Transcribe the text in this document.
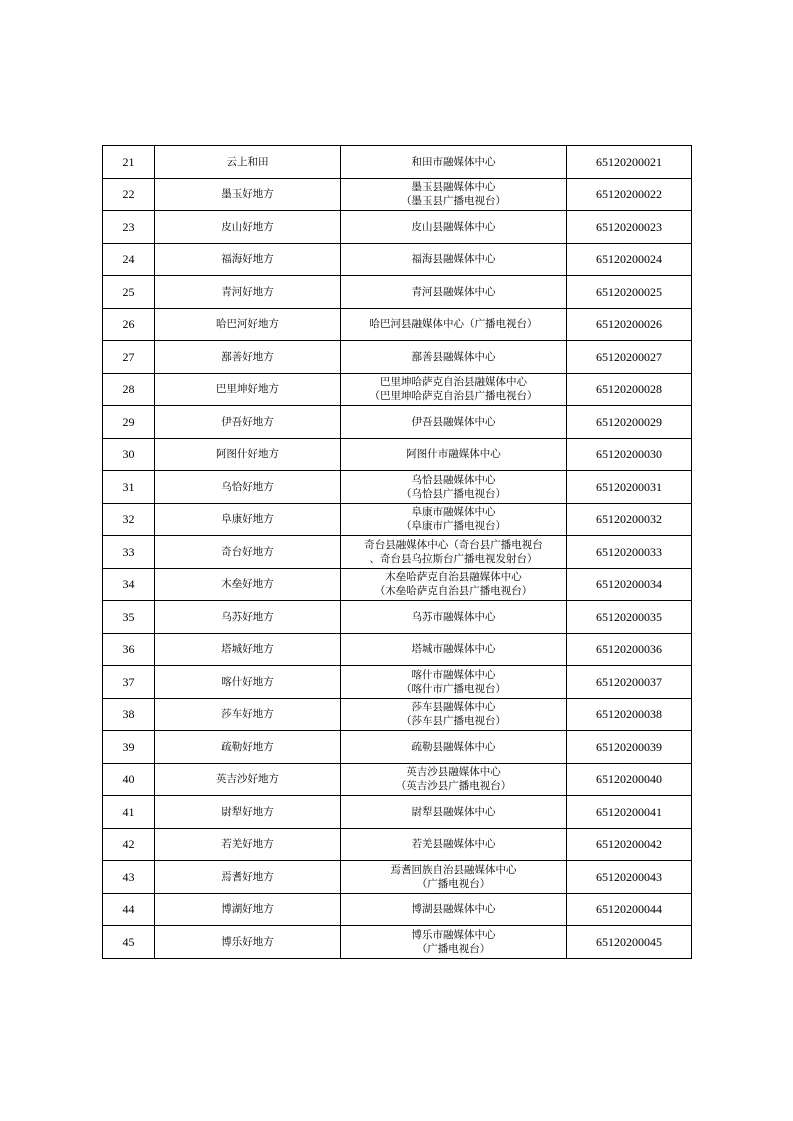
21	云上和田	和田市融媒体中心	65120200021
22	墨玉好地方	墨玉县融媒体中心
（墨玉县广播电视台）	65120200022
23	皮山好地方	皮山县融媒体中心	65120200023
24	福海好地方	福海县融媒体中心	65120200024
25	青河好地方	青河县融媒体中心	65120200025
26	哈巴河好地方	哈巴河县融媒体中心（广播电视台）	65120200026
27	鄯善好地方	鄯善县融媒体中心	65120200027
28	巴里坤好地方	巴里坤哈萨克自治县融媒体中心
（巴里坤哈萨克自治县广播电视台）	65120200028
29	伊吾好地方	伊吾县融媒体中心	65120200029
30	阿图什好地方	阿图什市融媒体中心	65120200030
31	乌恰好地方	乌恰县融媒体中心
（乌恰县广播电视台）	65120200031
32	阜康好地方	阜康市融媒体中心
（阜康市广播电视台）	65120200032
33	奇台好地方	奇台县融媒体中心（奇台县广播电视台
、奇台县乌拉斯台广播电视发射台）	65120200033
34	木垒好地方	木垒哈萨克自治县融媒体中心
（木垒哈萨克自治县广播电视台）	65120200034
35	乌苏好地方	乌苏市融媒体中心	65120200035
36	塔城好地方	塔城市融媒体中心	65120200036
37	喀什好地方	喀什市融媒体中心
（喀什市广播电视台）	65120200037
38	莎车好地方	莎车县融媒体中心
（莎车县广播电视台）	65120200038
39	疏勒好地方	疏勒县融媒体中心	65120200039
40	英吉沙好地方	英吉沙县融媒体中心
（英吉沙县广播电视台）	65120200040
41	尉犁好地方	尉犁县融媒体中心	65120200041
42	若羌好地方	若羌县融媒体中心	65120200042
43	焉耆好地方	焉耆回族自治县融媒体中心
（广播电视台）	65120200043
44	博湖好地方	博湖县融媒体中心	65120200044
45	博乐好地方	博乐市融媒体中心
（广播电视台）	65120200045
